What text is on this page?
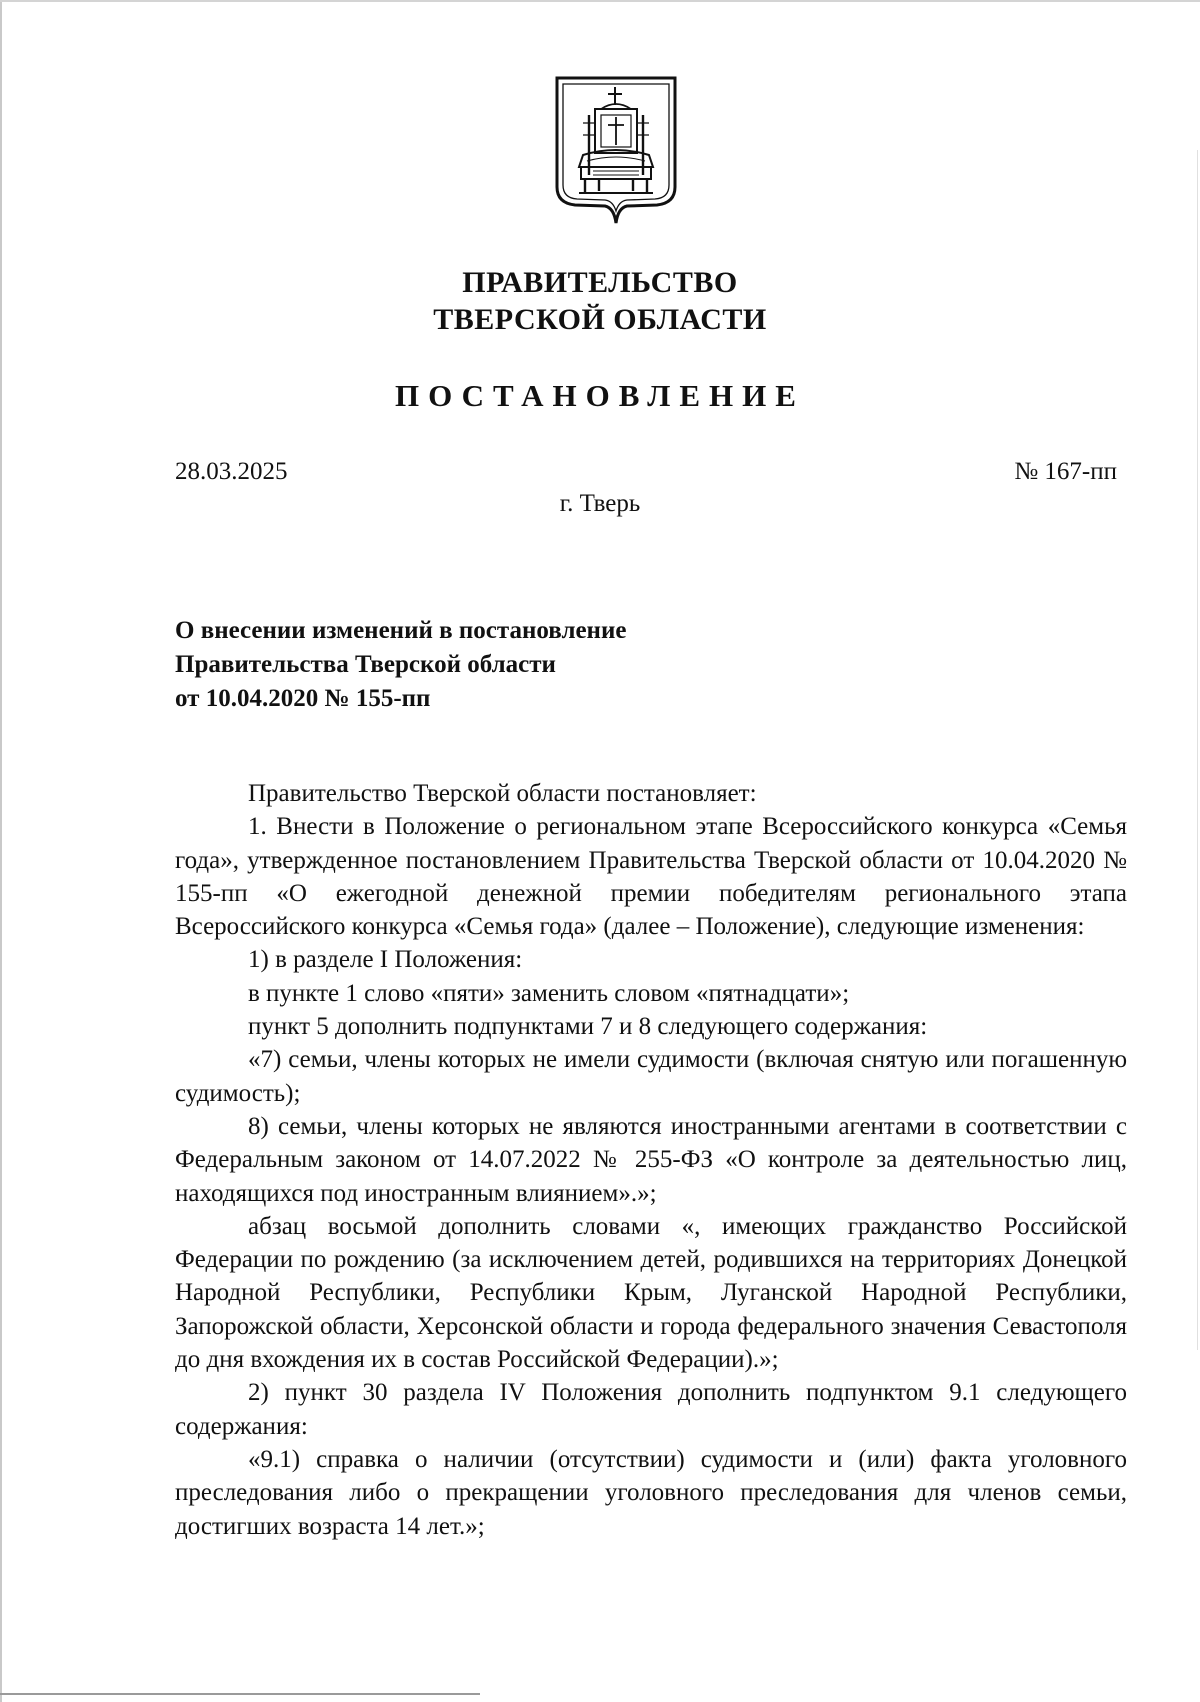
ПРАВИТЕЛЬСТВО
ТВЕРСКОЙ ОБЛАСТИ
ПОСТАНОВЛЕНИЕ
28.03.2025	№ 167-пп
г. Тверь
О внесении изменений в постановление
Правительства Тверской области
от 10.04.2020 № 155-пп

Правительство Тверской области постановляет:

1. Внести в Положение о региональном этапе Всероссийского конкурса «Семья года», утвержденное постановлением Правительства Тверской области от 10.04.2020 № 155-пп «О ежегодной денежной премии победителям регионального этапа Всероссийского конкурса «Семья года» (далее – Положение), следующие изменения:

1) в разделе I Положения:

в пункте 1 слово «пяти» заменить словом «пятнадцати»;

пункт 5 дополнить подпунктами 7 и 8 следующего содержания:

«7) семьи, члены которых не имели судимости (включая снятую или погашенную судимость);

8) семьи, члены которых не являются иностранными агентами в соответствии с Федеральным законом от 14.07.2022 № 255-ФЗ «О контроле за деятельностью лиц, находящихся под иностранным влиянием».»;

абзац восьмой дополнить словами «, имеющих гражданство Российской Федерации по рождению (за исключением детей, родившихся на территориях Донецкой Народной Республики, Республики Крым, Луганской Народной Республики, Запорожской области, Херсонской области и города федерального значения Севастополя до дня вхождения их в состав Российской Федерации).»;

2) пункт 30 раздела IV Положения дополнить подпунктом 9.1 следующего содержания:

«9.1) справка о наличии (отсутствии) судимости и (или) факта уголовного преследования либо о прекращении уголовного преследования для членов семьи, достигших возраста 14 лет.»;
